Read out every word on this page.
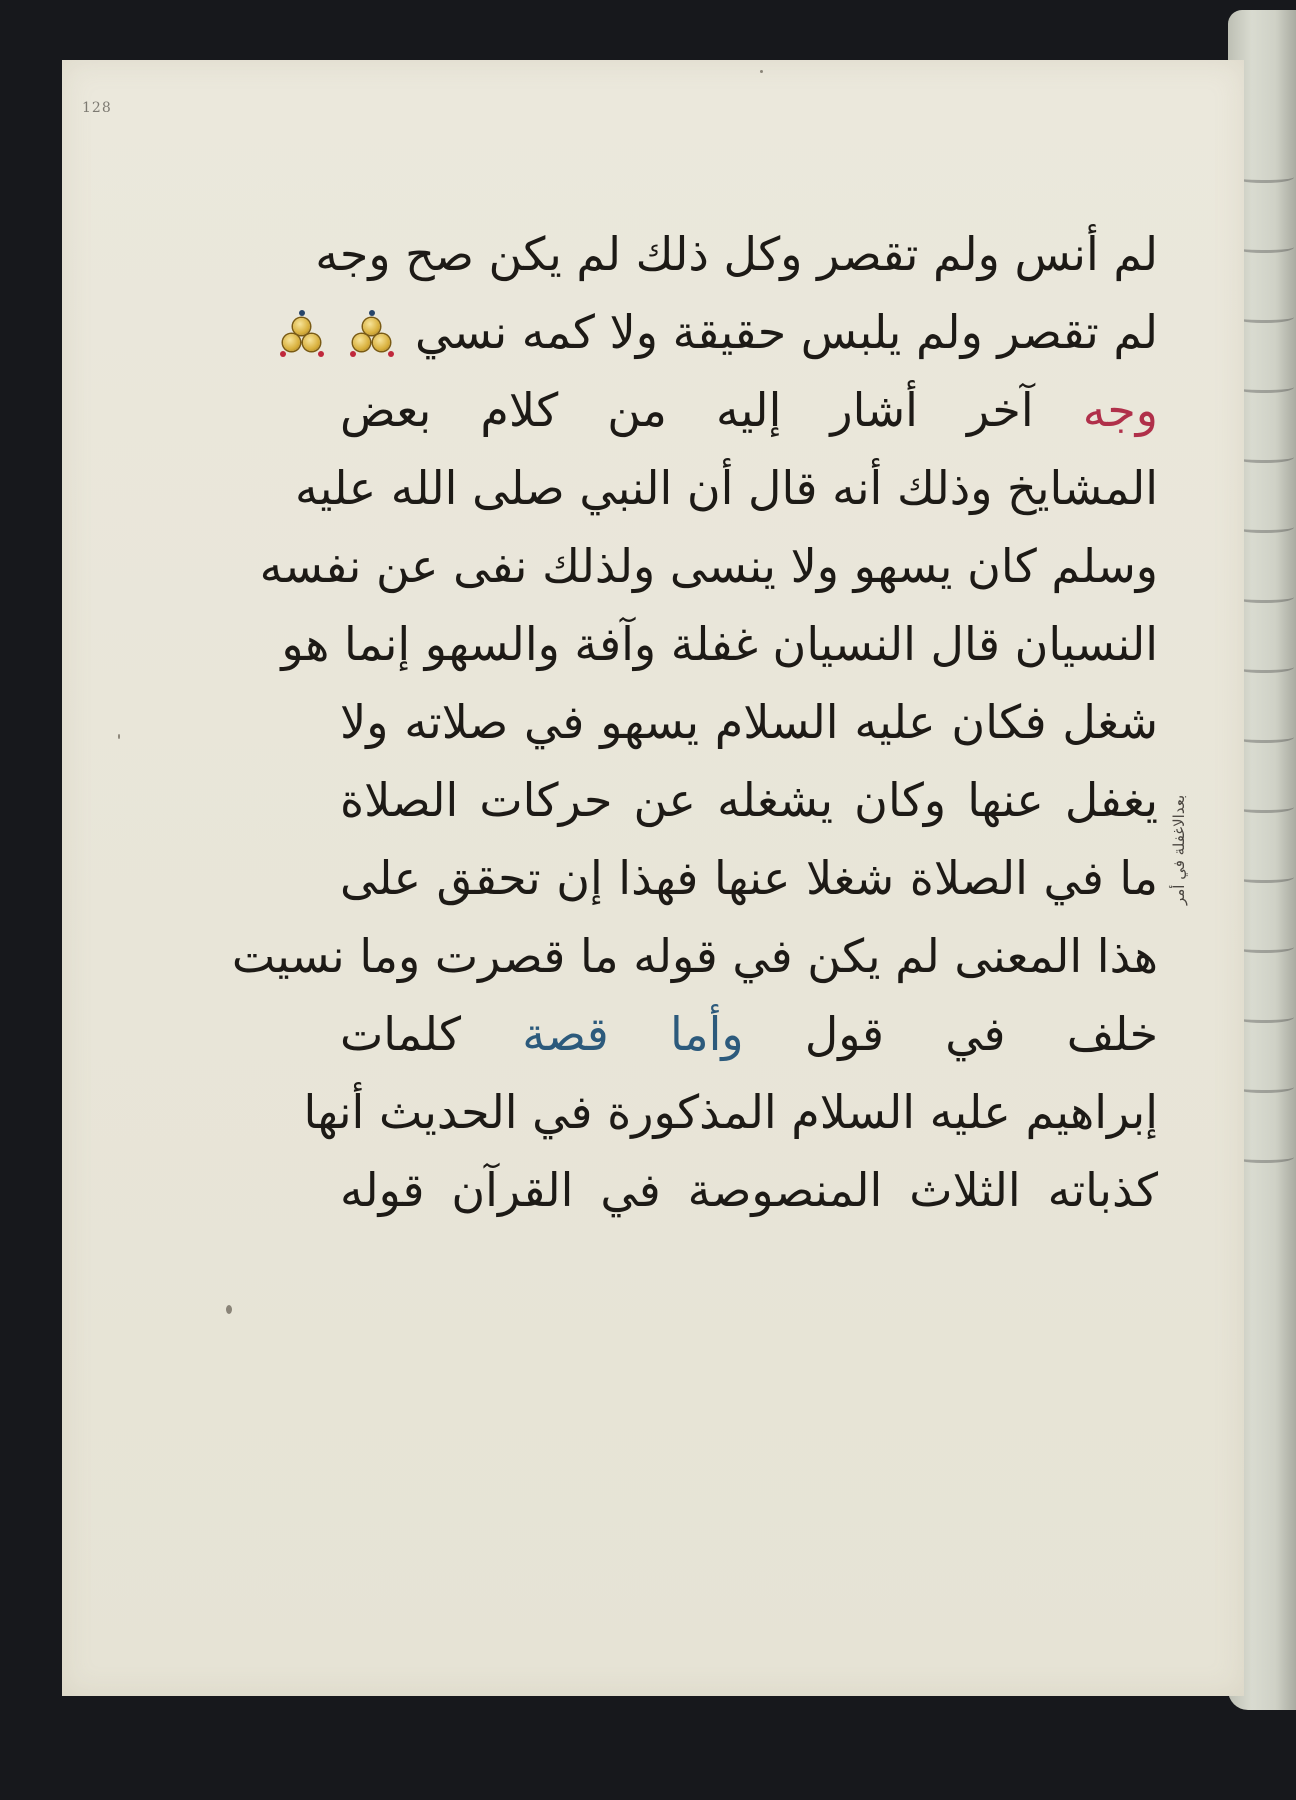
128
لم أنس ولم تقصر وكل ذلك لم يكن صح وجه
لم تقصر ولم يلبس حقيقة ولا كمه نسي

وجه آخر أشار إليه من كلام بعض
المشايخ وذلك أنه قال أن النبي صلى الله عليه
وسلم كان يسهو ولا ينسى ولذلك نفى عن نفسه
النسيان قال النسيان غفلة وآفة والسهو إنما هو
شغل فكان عليه السلام يسهو في صلاته ولا
يغفل عنها وكان يشغله عن حركات الصلاة
ما في الصلاة شغلا عنها فهذا إن تحقق على
هذا المعنى لم يكن في قوله ما قصرت وما نسيت
خلف في قول وأما قصة كلمات
إبراهيم عليه السلام المذكورة في الحديث أنها
كذباته الثلاث المنصوصة في القرآن قوله
بعدالاغفلة في أمر
